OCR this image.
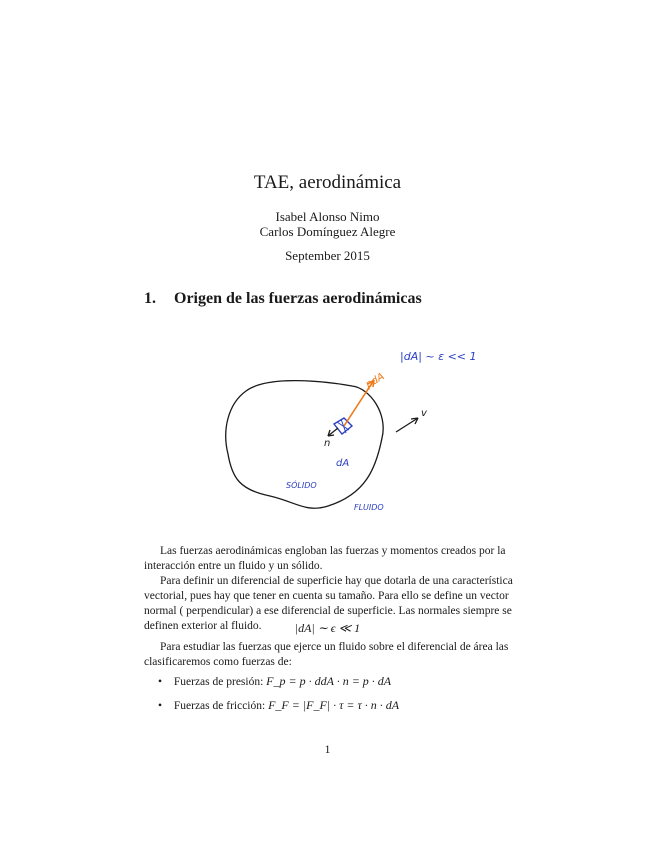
TAE, aerodinámica
Isabel Alonso Nimo
Carlos Domínguez Alegre
September 2015
1. Origen de las fuerzas aerodinámicas
|dA| ~ ε << 1
pdA
v
n
dA
SÓLIDO
FLUIDO
Las fuerzas aerodinámicas engloban las fuerzas y momentos creados por la
interacción entre un fluido y un sólido.
Para definir un diferencial de superficie hay que dotarla de una característica
vectorial, pues hay que tener en cuenta su tamaño. Para ello se define un vector
normal ( perpendicular) a ese diferencial de superficie. Las normales siempre se
definen exterior al fluido.	|dA| ∼ ϵ ≪ 1
Para estudiar las fuerzas que ejerce un fluido sobre el diferencial de área las
clasificaremos como fuerzas de:
• Fuerzas de presión: F_p = p · ddA · n = p · dA
• Fuerzas de fricción: F_F = |F_F| · τ = τ · n · dA
1
